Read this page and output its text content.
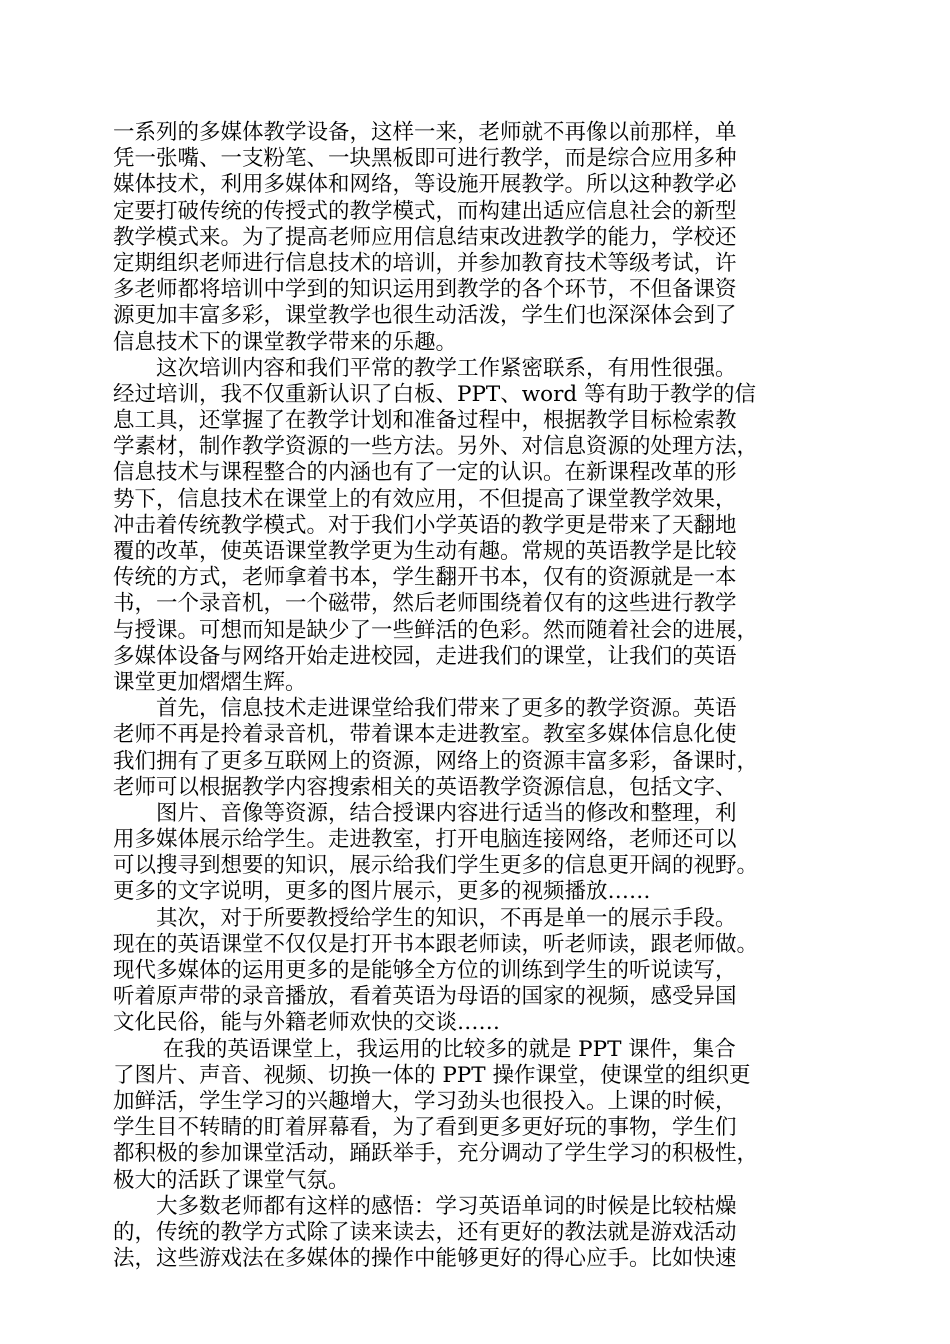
一系列的多媒体教学设备，这样一来，老师就不再像以前那样，单
凭一张嘴、一支粉笔、一块黑板即可进行教学，而是综合应用多种
媒体技术，利用多媒体和网络，等设施开展教学。所以这种教学必
定要打破传统的传授式的教学模式，而构建出适应信息社会的新型
教学模式来。为了提高老师应用信息结束改进教学的能力，学校还
定期组织老师进行信息技术的培训，并参加教育技术等级考试，许
多老师都将培训中学到的知识运用到教学的各个环节，不但备课资
源更加丰富多彩，课堂教学也很生动活泼，学生们也深深体会到了
信息技术下的课堂教学带来的乐趣。
　　这次培训内容和我们平常的教学工作紧密联系，有用性很强。
经过培训，我不仅重新认识了白板、PPT、word 等有助于教学的信
息工具，还掌握了在教学计划和准备过程中，根据教学目标检索教
学素材，制作教学资源的一些方法。另外、对信息资源的处理方法，
信息技术与课程整合的内涵也有了一定的认识。在新课程改革的形
势下，信息技术在课堂上的有效应用，不但提高了课堂教学效果，
冲击着传统教学模式。对于我们小学英语的教学更是带来了天翻地
覆的改革，使英语课堂教学更为生动有趣。常规的英语教学是比较
传统的方式，老师拿着书本，学生翻开书本，仅有的资源就是一本
书，一个录音机，一个磁带，然后老师围绕着仅有的这些进行教学
与授课。可想而知是缺少了一些鲜活的色彩。然而随着社会的进展，
多媒体设备与网络开始走进校园，走进我们的课堂，让我们的英语
课堂更加熠熠生辉。
　　首先，信息技术走进课堂给我们带来了更多的教学资源。英语
老师不再是拎着录音机，带着课本走进教室。教室多媒体信息化使
我们拥有了更多互联网上的资源，网络上的资源丰富多彩，备课时，
老师可以根据教学内容搜索相关的英语教学资源信息，包括文字、
　　图片、音像等资源，结合授课内容进行适当的修改和整理，利
用多媒体展示给学生。走进教室，打开电脑连接网络，老师还可以
可以搜寻到想要的知识，展示给我们学生更多的信息更开阔的视野。
更多的文字说明，更多的图片展示，更多的视频播放……
　　其次，对于所要教授给学生的知识，不再是单一的展示手段。
现在的英语课堂不仅仅是打开书本跟老师读，听老师读，跟老师做。
现代多媒体的运用更多的是能够全方位的训练到学生的听说读写，
听着原声带的录音播放，看着英语为母语的国家的视频，感受异国
文化民俗，能与外籍老师欢快的交谈……
　　 在我的英语课堂上，我运用的比较多的就是 PPT 课件，集合
了图片、声音、视频、切换一体的 PPT 操作课堂，使课堂的组织更
加鲜活，学生学习的兴趣增大，学习劲头也很投入。上课的时候，
学生目不转睛的盯着屏幕看，为了看到更多更好玩的事物，学生们
都积极的参加课堂活动，踊跃举手，充分调动了学生学习的积极性，
极大的活跃了课堂气氛。
　　大多数老师都有这样的感悟：学习英语单词的时候是比较枯燥
的，传统的教学方式除了读来读去，还有更好的教法就是游戏活动
法，这些游戏法在多媒体的操作中能够更好的得心应手。比如快速
